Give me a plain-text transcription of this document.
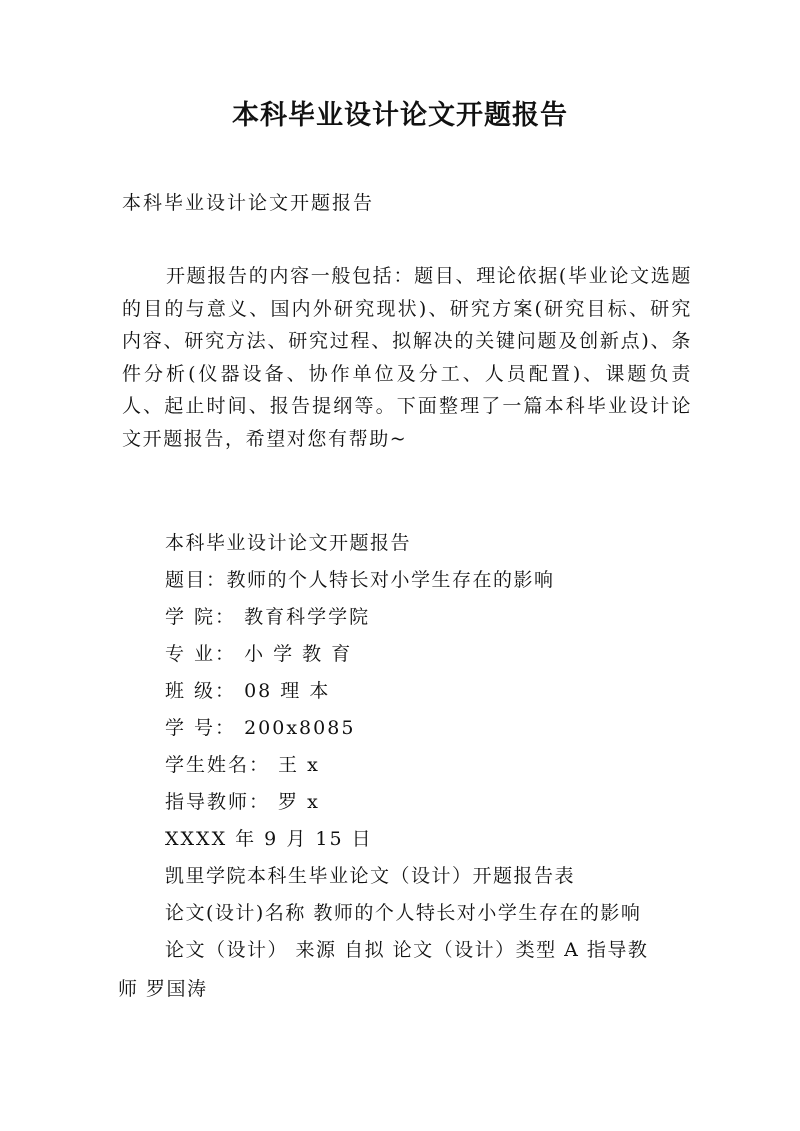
本科毕业设计论文开题报告
本科毕业设计论文开题报告

开题报告的内容一般包括：题目、理论依据(毕业论文选题的目的与意义、国内外研究现状)、研究方案(研究目标、研究内容、研究方法、研究过程、拟解决的关键问题及创新点)、条件分析(仪器设备、协作单位及分工、人员配置)、课题负责人、起止时间、报告提纲等。下面整理了一篇本科毕业设计论文开题报告，希望对您有帮助~

本科毕业设计论文开题报告
题目：教师的个人特长对小学生存在的影响
学 院： 教育科学学院
专 业： 小 学 教 育
班 级： 08 理 本
学 号： 200x8085
学生姓名： 王 x
指导教师： 罗 x
XXXX 年 9 月 15 日
凯里学院本科生毕业论文（设计）开题报告表
论文(设计)名称 教师的个人特长对小学生存在的影响
论文（设计） 来源 自拟 论文（设计）类型 A 指导教
师 罗国涛
